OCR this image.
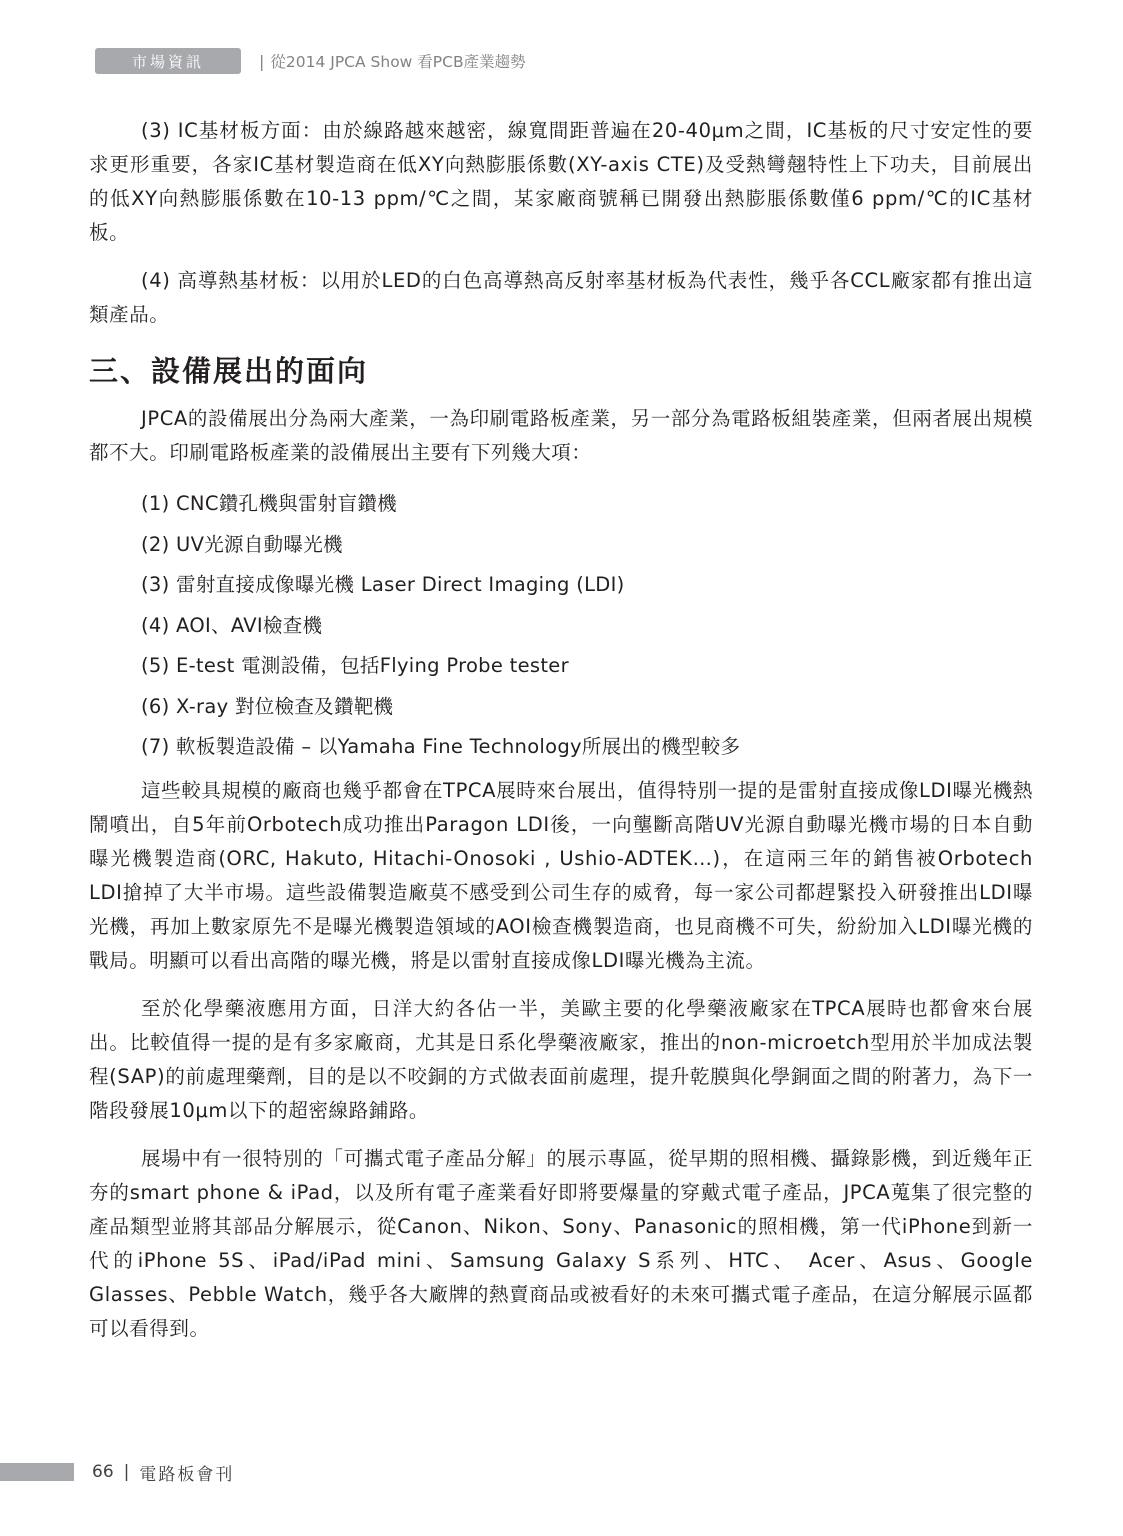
市場資訊	| 從2014 JPCA Show 看PCB產業趨勢

(3) IC基材板方面：由於線路越來越密，線寬間距普遍在20-40μm之間，IC基板的尺寸安定性的要求更形重要，各家IC基材製造商在低XY向熱膨脹係數(XY-axis CTE)及受熱彎翹特性上下功夫，目前展出的低XY向熱膨脹係數在10-13 ppm/℃之間，某家廠商號稱已開發出熱膨脹係數僅6 ppm/℃的IC基材板。

(4) 高導熱基材板：以用於LED的白色高導熱高反射率基材板為代表性，幾乎各CCL廠家都有推出這類產品。

三、設備展出的面向

JPCA的設備展出分為兩大產業，一為印刷電路板產業，另一部分為電路板組裝產業，但兩者展出規模都不大。印刷電路板產業的設備展出主要有下列幾大項：

(1) CNC鑽孔機與雷射盲鑽機
(2) UV光源自動曝光機
(3) 雷射直接成像曝光機 Laser Direct Imaging (LDI)
(4) AOI、AVI檢查機
(5) E-test 電測設備，包括Flying Probe tester
(6) X-ray 對位檢查及鑽靶機
(7) 軟板製造設備 – 以Yamaha Fine Technology所展出的機型較多

這些較具規模的廠商也幾乎都會在TPCA展時來台展出，值得特別一提的是雷射直接成像LDI曝光機熱鬧噴出，自5年前Orbotech成功推出Paragon LDI後，一向壟斷高階UV光源自動曝光機市場的日本自動曝光機製造商(ORC, Hakuto, Hitachi-Onosoki , Ushio-ADTEK…)，在這兩三年的銷售被Orbotech LDI搶掉了大半市場。這些設備製造廠莫不感受到公司生存的威脅，每一家公司都趕緊投入研發推出LDI曝光機，再加上數家原先不是曝光機製造領域的AOI檢查機製造商，也見商機不可失，紛紛加入LDI曝光機的戰局。明顯可以看出高階的曝光機，將是以雷射直接成像LDI曝光機為主流。

至於化學藥液應用方面，日洋大約各佔一半，美歐主要的化學藥液廠家在TPCA展時也都會來台展出。比較值得一提的是有多家廠商，尤其是日系化學藥液廠家，推出的non-microetch型用於半加成法製程(SAP)的前處理藥劑，目的是以不咬銅的方式做表面前處理，提升乾膜與化學銅面之間的附著力，為下一階段發展10μm以下的超密線路鋪路。

展場中有一很特別的「可攜式電子產品分解」的展示專區，從早期的照相機、攝錄影機，到近幾年正夯的smart phone & iPad，以及所有電子產業看好即將要爆量的穿戴式電子產品，JPCA蒐集了很完整的產品類型並將其部品分解展示，從Canon、Nikon、Sony、Panasonic的照相機，第一代iPhone到新一代的iPhone 5S、iPad/iPad mini、Samsung Galaxy S系列、HTC、 Acer、Asus、Google Glasses、Pebble Watch，幾乎各大廠牌的熱賣商品或被看好的未來可攜式電子產品，在這分解展示區都可以看得到。

66 | 電路板會刊
